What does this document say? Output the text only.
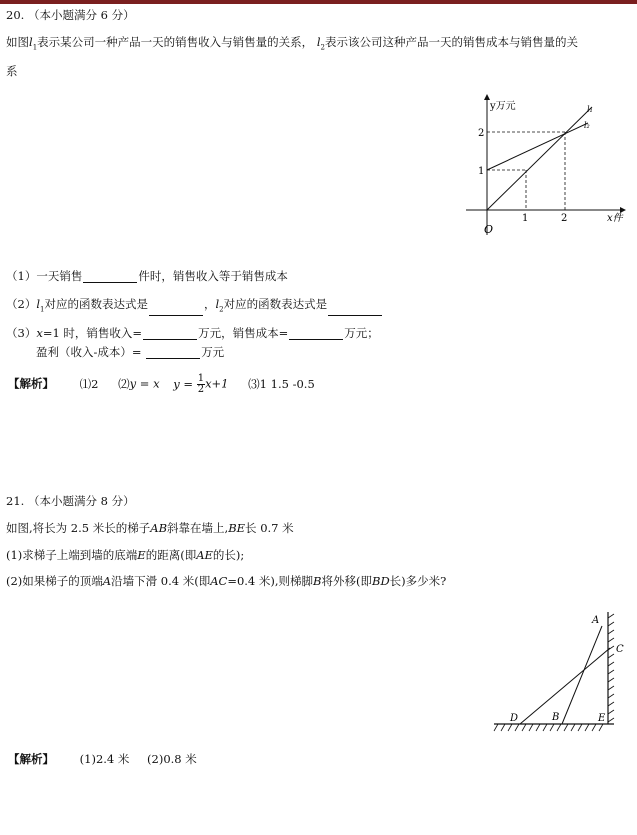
20. （本小题满分 6 分）
如图$l_1$表示某公司一种产品一天的销售收入与销售量的关系， $l_2$表示该公司这种产品一天的销售成本与销售量的关
系
y万元
x件
O
1	2
1
2
l₁
l₂
（1）一天销售	件时，销售收入等于销售成本
$(2)l_1$对应的函数表达式是	，$l_2$对应的函数表达式是
（3）x=1 时，销售收入=	万元，销售成本=	万元；
盈利（收入-成本）=	万元
【解析】 ⑴2 ⑵y = x $y = \frac{1}{2} x+1$ ⑶1 1.5 -0.5
21. （本小题满分 8 分）
如图,将长为 2.5 米长的梯子AB斜靠在墙上,BE长 0.7 米
(1)求梯子上端到墙的底端E的距离(即AE的长);
(2)如果梯子的顶端A沿墙下滑 0.4 米(即AC=0.4 米),则梯脚B将外移(即BD长)多少米?
A
C
D	B	E
【解析】 (1)2.4 米 (2)0.8 米
